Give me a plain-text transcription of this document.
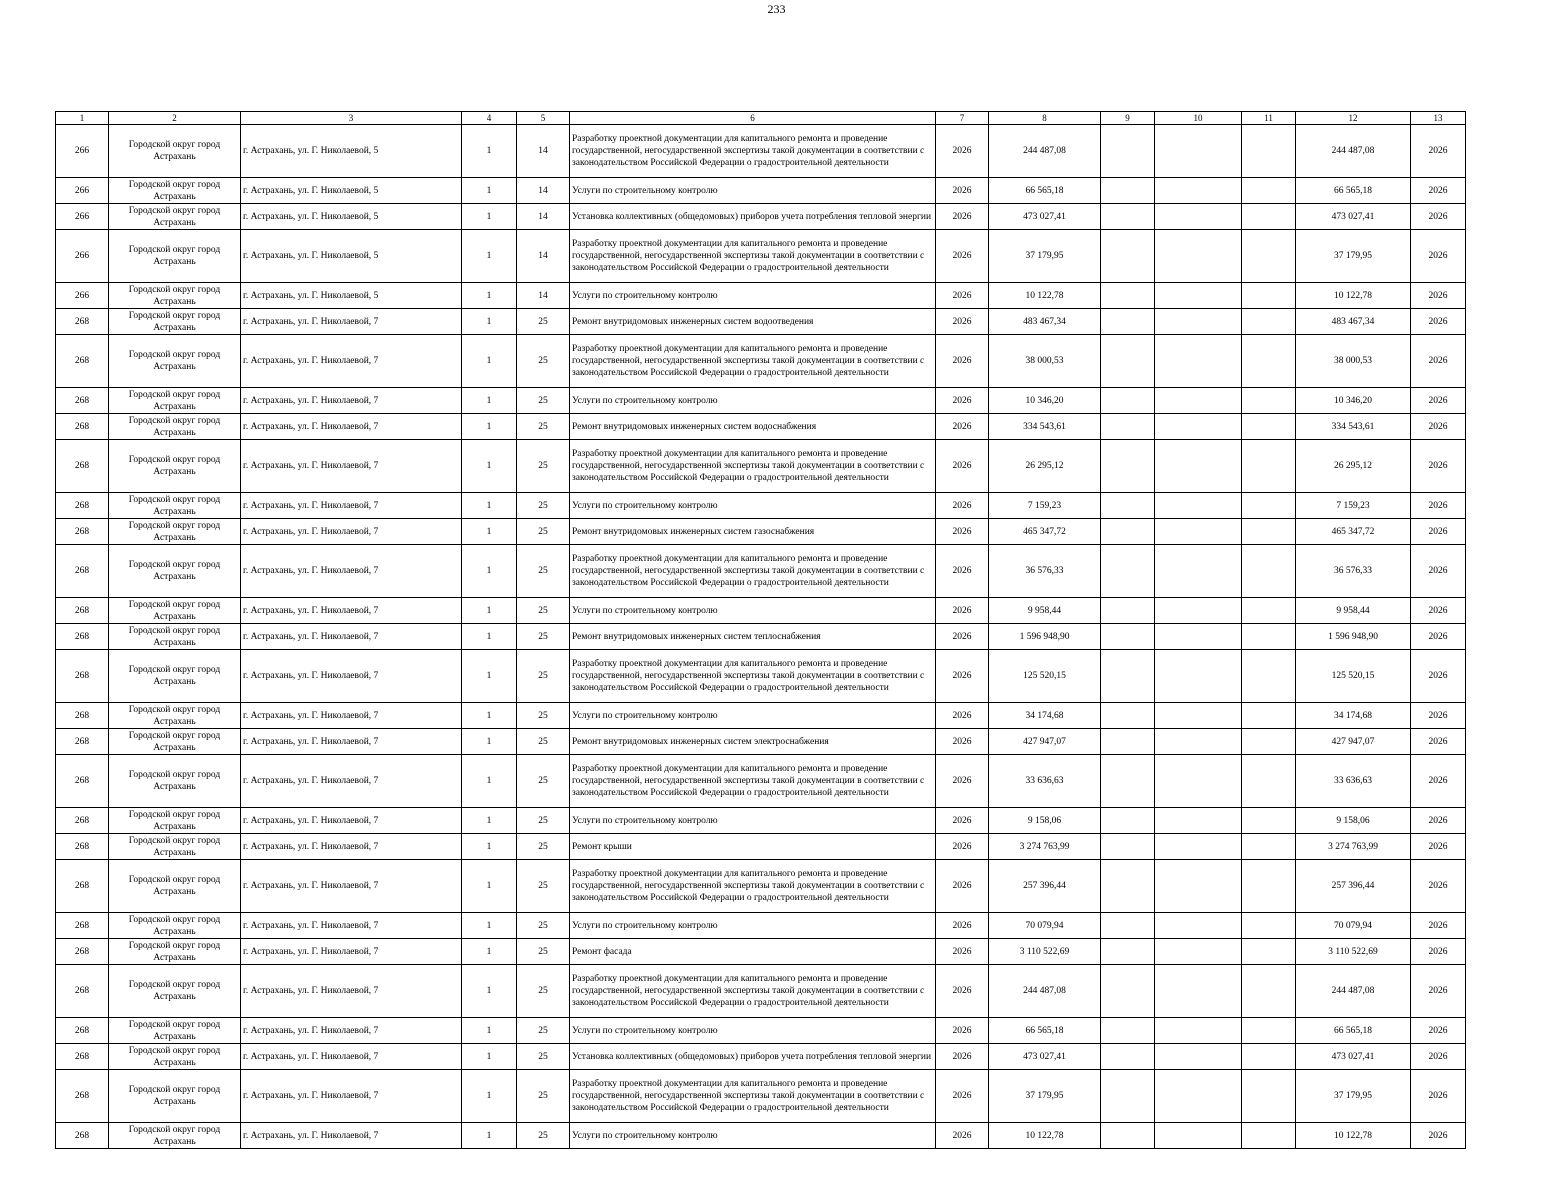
233
1	2	3	4	5	6	7	8	9	10	11	12	13
266	Городской округ город Астрахань	г. Астрахань, ул. Г. Николаевой, 5	1	14	Разработку проектной документации для капитального ремонта и проведение государственной, негосударственной экспертизы такой документации в соответствии с законодательством Российской Федерации о градостроительной деятельности	2026	244 487,08				244 487,08	2026
266	Городской округ город Астрахань	г. Астрахань, ул. Г. Николаевой, 5	1	14	Услуги по строительному контролю	2026	66 565,18				66 565,18	2026
266	Городской округ город Астрахань	г. Астрахань, ул. Г. Николаевой, 5	1	14	Установка коллективных (общедомовых) приборов учета потребления тепловой энергии	2026	473 027,41				473 027,41	2026
266	Городской округ город Астрахань	г. Астрахань, ул. Г. Николаевой, 5	1	14	Разработку проектной документации для капитального ремонта и проведение государственной, негосударственной экспертизы такой документации в соответствии с законодательством Российской Федерации о градостроительной деятельности	2026	37 179,95				37 179,95	2026
266	Городской округ город Астрахань	г. Астрахань, ул. Г. Николаевой, 5	1	14	Услуги по строительному контролю	2026	10 122,78				10 122,78	2026
268	Городской округ город Астрахань	г. Астрахань, ул. Г. Николаевой, 7	1	25	Ремонт внутридомовых инженерных систем водоотведения	2026	483 467,34				483 467,34	2026
268	Городской округ город Астрахань	г. Астрахань, ул. Г. Николаевой, 7	1	25	Разработку проектной документации для капитального ремонта и проведение государственной, негосударственной экспертизы такой документации в соответствии с законодательством Российской Федерации о градостроительной деятельности	2026	38 000,53				38 000,53	2026
268	Городской округ город Астрахань	г. Астрахань, ул. Г. Николаевой, 7	1	25	Услуги по строительному контролю	2026	10 346,20				10 346,20	2026
268	Городской округ город Астрахань	г. Астрахань, ул. Г. Николаевой, 7	1	25	Ремонт внутридомовых инженерных систем водоснабжения	2026	334 543,61				334 543,61	2026
268	Городской округ город Астрахань	г. Астрахань, ул. Г. Николаевой, 7	1	25	Разработку проектной документации для капитального ремонта и проведение государственной, негосударственной экспертизы такой документации в соответствии с законодательством Российской Федерации о градостроительной деятельности	2026	26 295,12				26 295,12	2026
268	Городской округ город Астрахань	г. Астрахань, ул. Г. Николаевой, 7	1	25	Услуги по строительному контролю	2026	7 159,23				7 159,23	2026
268	Городской округ город Астрахань	г. Астрахань, ул. Г. Николаевой, 7	1	25	Ремонт внутридомовых инженерных систем газоснабжения	2026	465 347,72				465 347,72	2026
268	Городской округ город Астрахань	г. Астрахань, ул. Г. Николаевой, 7	1	25	Разработку проектной документации для капитального ремонта и проведение государственной, негосударственной экспертизы такой документации в соответствии с законодательством Российской Федерации о градостроительной деятельности	2026	36 576,33				36 576,33	2026
268	Городской округ город Астрахань	г. Астрахань, ул. Г. Николаевой, 7	1	25	Услуги по строительному контролю	2026	9 958,44				9 958,44	2026
268	Городской округ город Астрахань	г. Астрахань, ул. Г. Николаевой, 7	1	25	Ремонт внутридомовых инженерных систем теплоснабжения	2026	1 596 948,90				1 596 948,90	2026
268	Городской округ город Астрахань	г. Астрахань, ул. Г. Николаевой, 7	1	25	Разработку проектной документации для капитального ремонта и проведение государственной, негосударственной экспертизы такой документации в соответствии с законодательством Российской Федерации о градостроительной деятельности	2026	125 520,15				125 520,15	2026
268	Городской округ город Астрахань	г. Астрахань, ул. Г. Николаевой, 7	1	25	Услуги по строительному контролю	2026	34 174,68				34 174,68	2026
268	Городской округ город Астрахань	г. Астрахань, ул. Г. Николаевой, 7	1	25	Ремонт внутридомовых инженерных систем электроснабжения	2026	427 947,07				427 947,07	2026
268	Городской округ город Астрахань	г. Астрахань, ул. Г. Николаевой, 7	1	25	Разработку проектной документации для капитального ремонта и проведение государственной, негосударственной экспертизы такой документации в соответствии с законодательством Российской Федерации о градостроительной деятельности	2026	33 636,63				33 636,63	2026
268	Городской округ город Астрахань	г. Астрахань, ул. Г. Николаевой, 7	1	25	Услуги по строительному контролю	2026	9 158,06				9 158,06	2026
268	Городской округ город Астрахань	г. Астрахань, ул. Г. Николаевой, 7	1	25	Ремонт крыши	2026	3 274 763,99				3 274 763,99	2026
268	Городской округ город Астрахань	г. Астрахань, ул. Г. Николаевой, 7	1	25	Разработку проектной документации для капитального ремонта и проведение государственной, негосударственной экспертизы такой документации в соответствии с законодательством Российской Федерации о градостроительной деятельности	2026	257 396,44				257 396,44	2026
268	Городской округ город Астрахань	г. Астрахань, ул. Г. Николаевой, 7	1	25	Услуги по строительному контролю	2026	70 079,94				70 079,94	2026
268	Городской округ город Астрахань	г. Астрахань, ул. Г. Николаевой, 7	1	25	Ремонт фасада	2026	3 110 522,69				3 110 522,69	2026
268	Городской округ город Астрахань	г. Астрахань, ул. Г. Николаевой, 7	1	25	Разработку проектной документации для капитального ремонта и проведение государственной, негосударственной экспертизы такой документации в соответствии с законодательством Российской Федерации о градостроительной деятельности	2026	244 487,08				244 487,08	2026
268	Городской округ город Астрахань	г. Астрахань, ул. Г. Николаевой, 7	1	25	Услуги по строительному контролю	2026	66 565,18				66 565,18	2026
268	Городской округ город Астрахань	г. Астрахань, ул. Г. Николаевой, 7	1	25	Установка коллективных (общедомовых) приборов учета потребления тепловой энергии	2026	473 027,41				473 027,41	2026
268	Городской округ город Астрахань	г. Астрахань, ул. Г. Николаевой, 7	1	25	Разработку проектной документации для капитального ремонта и проведение государственной, негосударственной экспертизы такой документации в соответствии с законодательством Российской Федерации о градостроительной деятельности	2026	37 179,95				37 179,95	2026
268	Городской округ город Астрахань	г. Астрахань, ул. Г. Николаевой, 7	1	25	Услуги по строительному контролю	2026	10 122,78				10 122,78	2026
